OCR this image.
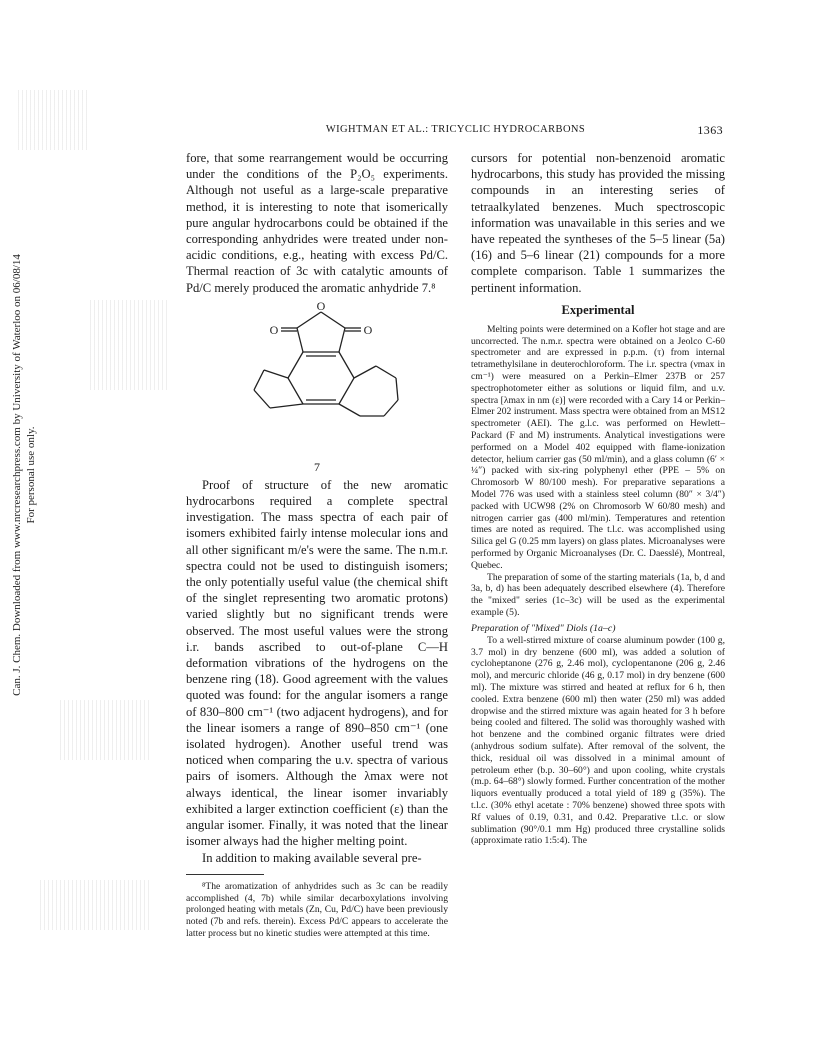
Can. J. Chem. Downloaded from www.nrcresearchpress.com by University of Waterloo on 06/08/14 For personal use only.
WIGHTMAN ET AL.: TRICYCLIC HYDROCARBONS	1363

fore, that some rearrangement would be occurring under the conditions of the P₂O₅ experiments. Although not useful as a large-scale preparative method, it is interesting to note that isomerically pure angular hydrocarbons could be obtained if the corresponding anhydrides were treated under non-acidic conditions, e.g., heating with excess Pd/C. Thermal reaction of 3c with catalytic amounts of Pd/C merely produced the aromatic anhydride 7.⁸

O
O	O
7

Proof of structure of the new aromatic hydrocarbons required a complete spectral investigation. The mass spectra of each pair of isomers exhibited fairly intense molecular ions and all other significant m/e's were the same. The n.m.r. spectra could not be used to distinguish isomers; the only potentially useful value (the chemical shift of the singlet representing two aromatic protons) varied slightly but no significant trends were observed. The most useful values were the strong i.r. bands ascribed to out-of-plane C—H deformation vibrations of the hydrogens on the benzene ring (18). Good agreement with the values quoted was found: for the angular isomers a range of 830–800 cm⁻¹ (two adjacent hydrogens), and for the linear isomers a range of 890–850 cm⁻¹ (one isolated hydrogen). Another useful trend was noticed when comparing the u.v. spectra of various pairs of isomers. Although the λmax were not always identical, the linear isomer invariably exhibited a larger extinction coefficient (ε) than the angular isomer. Finally, it was noted that the linear isomer always had the higher melting point.

In addition to making available several pre-

⁸The aromatization of anhydrides such as 3c can be readily accomplished (4, 7b) while similar decarboxylations involving prolonged heating with metals (Zn, Cu, Pd/C) have been previously noted (7b and refs. therein). Excess Pd/C appears to accelerate the latter process but no kinetic studies were attempted at this time.

cursors for potential non-benzenoid aromatic hydrocarbons, this study has provided the missing compounds in an interesting series of tetraalkylated benzenes. Much spectroscopic information was unavailable in this series and we have repeated the syntheses of the 5–5 linear (5a) (16) and 5–6 linear (21) compounds for a more complete comparison. Table 1 summarizes the pertinent information.

Experimental

Melting points were determined on a Kofler hot stage and are uncorrected. The n.m.r. spectra were obtained on a Jeolco C-60 spectrometer and are expressed in p.p.m. (τ) from internal tetramethylsilane in deuterochloroform. The i.r. spectra (νmax in cm⁻¹) were measured on a Perkin–Elmer 237B or 257 spectrophotometer either as solutions or liquid film, and u.v. spectra [λmax in nm (ε)] were recorded with a Cary 14 or Perkin–Elmer 202 instrument. Mass spectra were obtained from an MS12 spectrometer (AEI). The g.l.c. was performed on Hewlett–Packard (F and M) instruments. Analytical investigations were performed on a Model 402 equipped with flame-ionization detector, helium carrier gas (50 ml/min), and a glass column (6′ × ¼″) packed with six-ring polyphenyl ether (PPE – 5% on Chromosorb W 80/100 mesh). For preparative separations a Model 776 was used with a stainless steel column (80″ × 3/4″) packed with UCW98 (2% on Chromosorb W 60/80 mesh) and nitrogen carrier gas (400 ml/min). Temperatures and retention times are noted as required. The t.l.c. was accomplished using Silica gel G (0.25 mm layers) on glass plates. Microanalyses were performed by Organic Microanalyses (Dr. C. Daesslé), Montreal, Quebec.

The preparation of some of the starting materials (1a, b, d and 3a, b, d) has been adequately described elsewhere (4). Therefore the "mixed" series (1c–3c) will be used as the experimental example (5).

Preparation of "Mixed" Diols (1a–c)

To a well-stirred mixture of coarse aluminum powder (100 g, 3.7 mol) in dry benzene (600 ml), was added a solution of cycloheptanone (276 g, 2.46 mol), cyclopentanone (206 g, 2.46 mol), and mercuric chloride (46 g, 0.17 mol) in dry benzene (600 ml). The mixture was stirred and heated at reflux for 6 h, then cooled. Extra benzene (600 ml) then water (250 ml) was added dropwise and the stirred mixture was again heated for 3 h before being cooled and filtered. The solid was thoroughly washed with hot benzene and the combined organic filtrates were dried (anhydrous sodium sulfate). After removal of the solvent, the thick, residual oil was dissolved in a minimal amount of petroleum ether (b.p. 30–60°) and upon cooling, white crystals (m.p. 64–68°) slowly formed. Further concentration of the mother liquors eventually produced a total yield of 189 g (35%). The t.l.c. (30% ethyl acetate : 70% benzene) showed three spots with Rf values of 0.19, 0.31, and 0.42. Preparative t.l.c. or slow sublimation (90°/0.1 mm Hg) produced three crystalline solids (approximate ratio 1:5:4). The
